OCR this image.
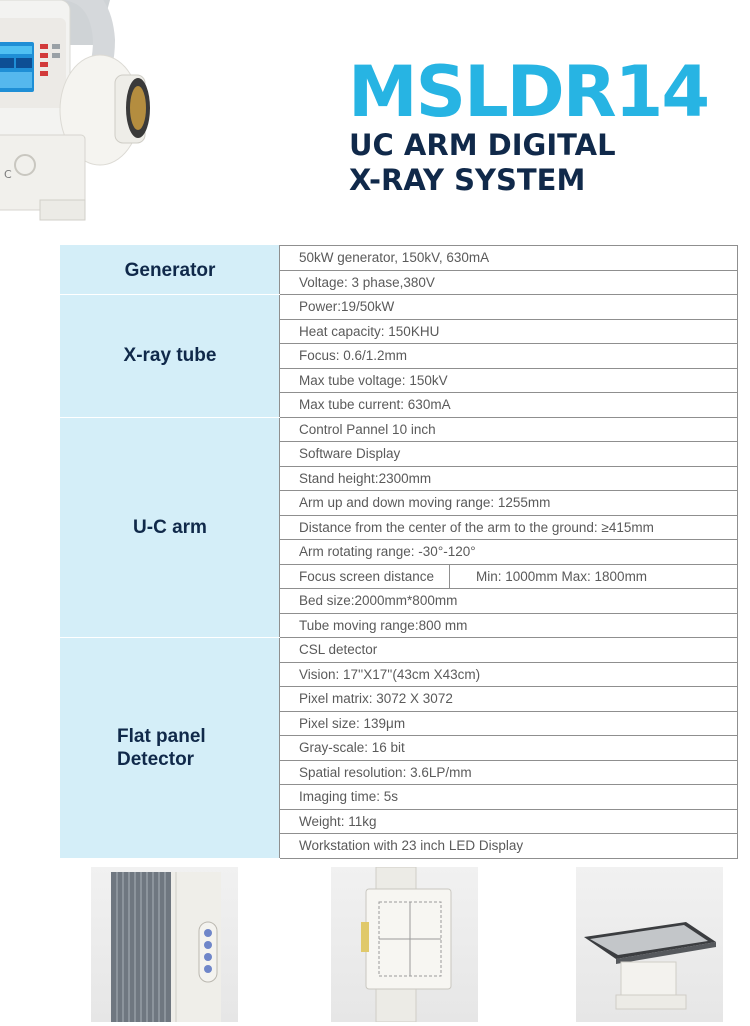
C
MSLDR14
UC ARM DIGITAL
X-RAY SYSTEM
Generator	50kW generator, 150kV, 630mA
	Voltage: 3 phase,380V
X-ray tube	Power:19/50kW
	Heat capacity: 150KHU
	Focus: 0.6/1.2mm
	Max tube voltage: 150kV
	Max tube current: 630mA
U-C arm	Control Pannel 10 inch
	Software Display
	Stand height:2300mm
	Arm up and down moving range: 1255mm
	Distance from the center of the arm to the ground: ≥415mm
	Arm rotating range: -30°-120°

	Focus screen distance Min: 1000mm Max: 1800mm

	Bed size:2000mm*800mm
	Tube moving range:800 mm

Flat panel
Detector	CSL detector
	Vision: 17''X17''(43cm X43cm)
	Pixel matrix: 3072 X 3072
	Pixel size: 139μm
	Gray-scale: 16 bit
	Spatial resolution: 3.6LP/mm
	Imaging time: 5s
	Weight: 11kg
	Workstation with 23 inch LED Display
